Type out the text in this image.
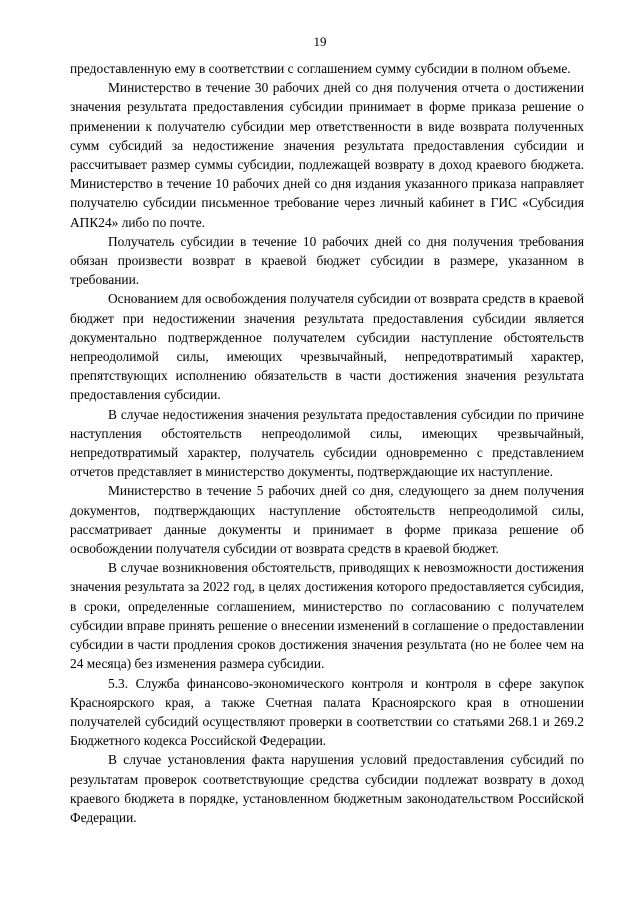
19

предоставленную ему в соответствии с соглашением сумму субсидии в полном объеме.

Министерство в течение 30 рабочих дней со дня получения отчета о достижении значения результата предоставления субсидии принимает в форме приказа решение о применении к получателю субсидии мер ответственности в виде возврата полученных сумм субсидий за недостижение значения результата предоставления субсидии и рассчитывает размер суммы субсидии, подлежащей возврату в доход краевого бюджета. Министерство в течение 10 рабочих дней со дня издания указанного приказа направляет получателю субсидии письменное требование через личный кабинет в ГИС «Субсидия АПК24» либо по почте.

Получатель субсидии в течение 10 рабочих дней со дня получения требования обязан произвести возврат в краевой бюджет субсидии в размере, указанном в требовании.

Основанием для освобождения получателя субсидии от возврата средств в краевой бюджет при недостижении значения результата предоставления субсидии является документально подтвержденное получателем субсидии наступление обстоятельств непреодолимой силы, имеющих чрезвычайный, непредотвратимый характер, препятствующих исполнению обязательств в части достижения значения результата предоставления субсидии.

В случае недостижения значения результата предоставления субсидии по причине наступления обстоятельств непреодолимой силы, имеющих чрезвычайный, непредотвратимый характер, получатель субсидии одновременно с представлением отчетов представляет в министерство документы, подтверждающие их наступление.

Министерство в течение 5 рабочих дней со дня, следующего за днем получения документов, подтверждающих наступление обстоятельств непреодолимой силы, рассматривает данные документы и принимает в форме приказа решение об освобождении получателя субсидии от возврата средств в краевой бюджет.

В случае возникновения обстоятельств, приводящих к невозможности достижения значения результата за 2022 год, в целях достижения которого предоставляется субсидия, в сроки, определенные соглашением, министерство по согласованию с получателем субсидии вправе принять решение о внесении изменений в соглашение о предоставлении субсидии в части продления сроков достижения значения результата (но не более чем на 24 месяца) без изменения размера субсидии.

5.3. Служба финансово-экономического контроля и контроля в сфере закупок Красноярского края, а также Счетная палата Красноярского края в отношении получателей субсидий осуществляют проверки в соответствии со статьями 268.1 и 269.2 Бюджетного кодекса Российской Федерации.

В случае установления факта нарушения условий предоставления субсидий по результатам проверок соответствующие средства субсидии подлежат возврату в доход краевого бюджета в порядке, установленном бюджетным законодательством Российской Федерации.
